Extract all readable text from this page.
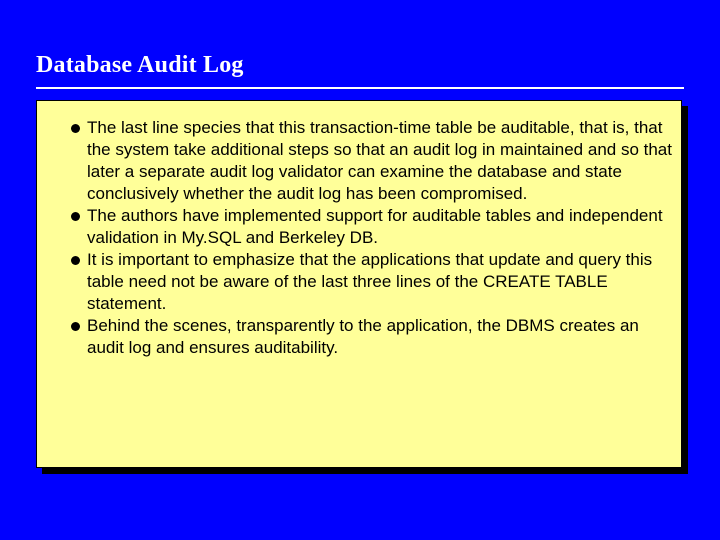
Database Audit Log
The last line species that this transaction-time table be auditable, that is, that the system take additional steps so that an audit log in maintained and so that later a separate audit log validator can examine the database and state conclusively whether the audit log has been compromised.
The authors have implemented support for auditable tables and independent validation in My.SQL and Berkeley DB.
It is important to emphasize that the applications that update and query this table need not be aware of the last three lines of the CREATE TABLE statement.
Behind the scenes, transparently to the application, the DBMS creates an audit log and ensures auditability.
